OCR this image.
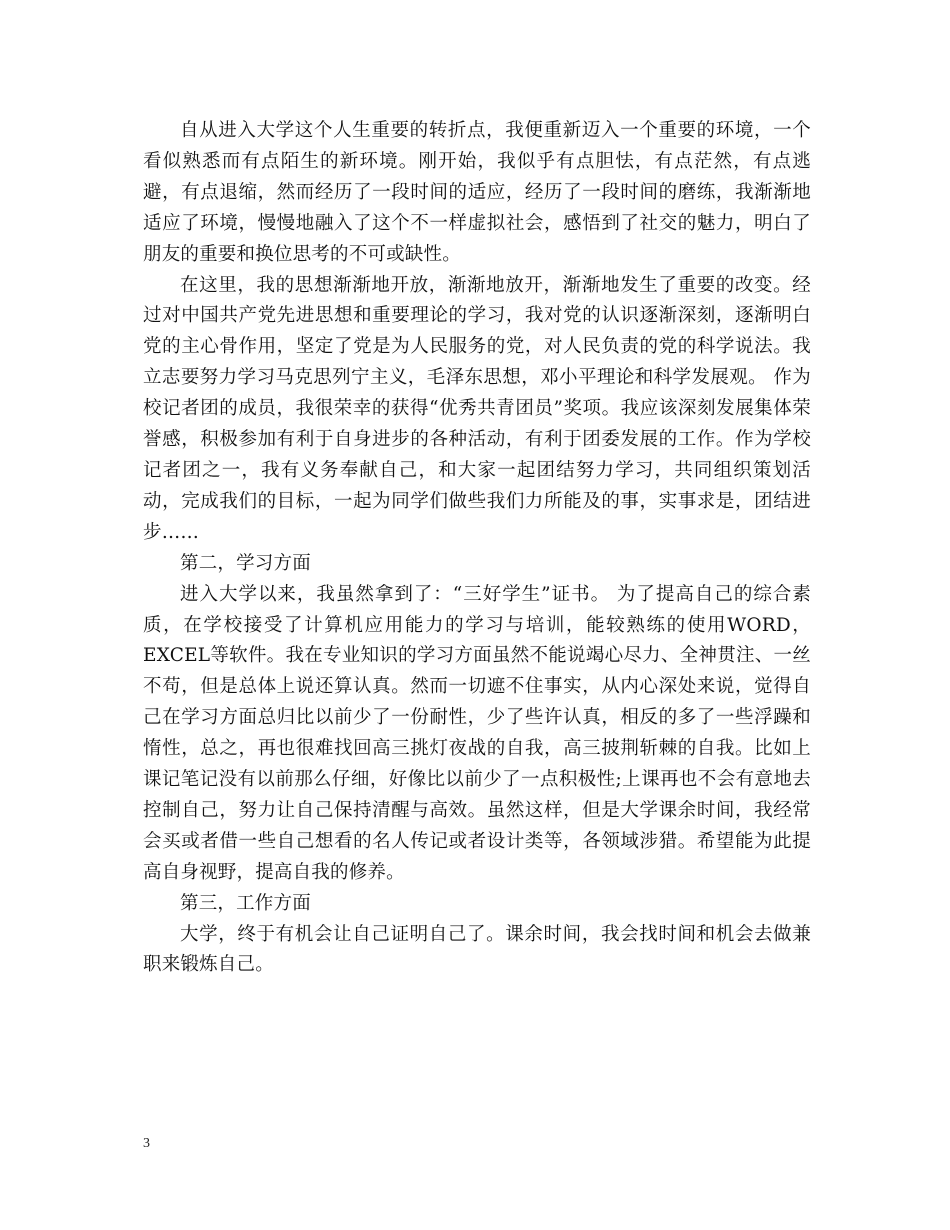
自从进入大学这个人生重要的转折点，我便重新迈入一个重要的环境，一个看似熟悉而有点陌生的新环境。刚开始，我似乎有点胆怯，有点茫然，有点逃避，有点退缩，然而经历了一段时间的适应，经历了一段时间的磨练，我渐渐地适应了环境，慢慢地融入了这个不一样虚拟社会，感悟到了社交的魅力，明白了朋友的重要和换位思考的不可或缺性。

在这里，我的思想渐渐地开放，渐渐地放开，渐渐地发生了重要的改变。经过对中国共产党先进思想和重要理论的学习，我对党的认识逐渐深刻，逐渐明白党的主心骨作用，坚定了党是为人民服务的党，对人民负责的党的科学说法。我立志要努力学习马克思列宁主义，毛泽东思想，邓小平理论和科学发展观。 作为校记者团的成员，我很荣幸的获得“优秀共青团员”奖项。我应该深刻发展集体荣誉感，积极参加有利于自身进步的各种活动，有利于团委发展的工作。作为学校记者团之一，我有义务奉献自己，和大家一起团结努力学习，共同组织策划活动，完成我们的目标，一起为同学们做些我们力所能及的事，实事求是，团结进步……

第二，学习方面

进入大学以来，我虽然拿到了：“三好学生”证书。 为了提高自己的综合素质，在学校接受了计算机应用能力的学习与培训，能较熟练的使用WORD，EXCEL等软件。我在专业知识的学习方面虽然不能说竭心尽力、全神贯注、一丝不苟，但是总体上说还算认真。然而一切遮不住事实，从内心深处来说，觉得自己在学习方面总归比以前少了一份耐性，少了些许认真，相反的多了一些浮躁和惰性，总之，再也很难找回高三挑灯夜战的自我，高三披荆斩棘的自我。比如上课记笔记没有以前那么仔细，好像比以前少了一点积极性;上课再也不会有意地去控制自己，努力让自己保持清醒与高效。虽然这样，但是大学课余时间，我经常会买或者借一些自己想看的名人传记或者设计类等，各领域涉猎。希望能为此提高自身视野，提高自我的修养。

第三，工作方面

大学，终于有机会让自己证明自己了。课余时间，我会找时间和机会去做兼职来锻炼自己。

3
